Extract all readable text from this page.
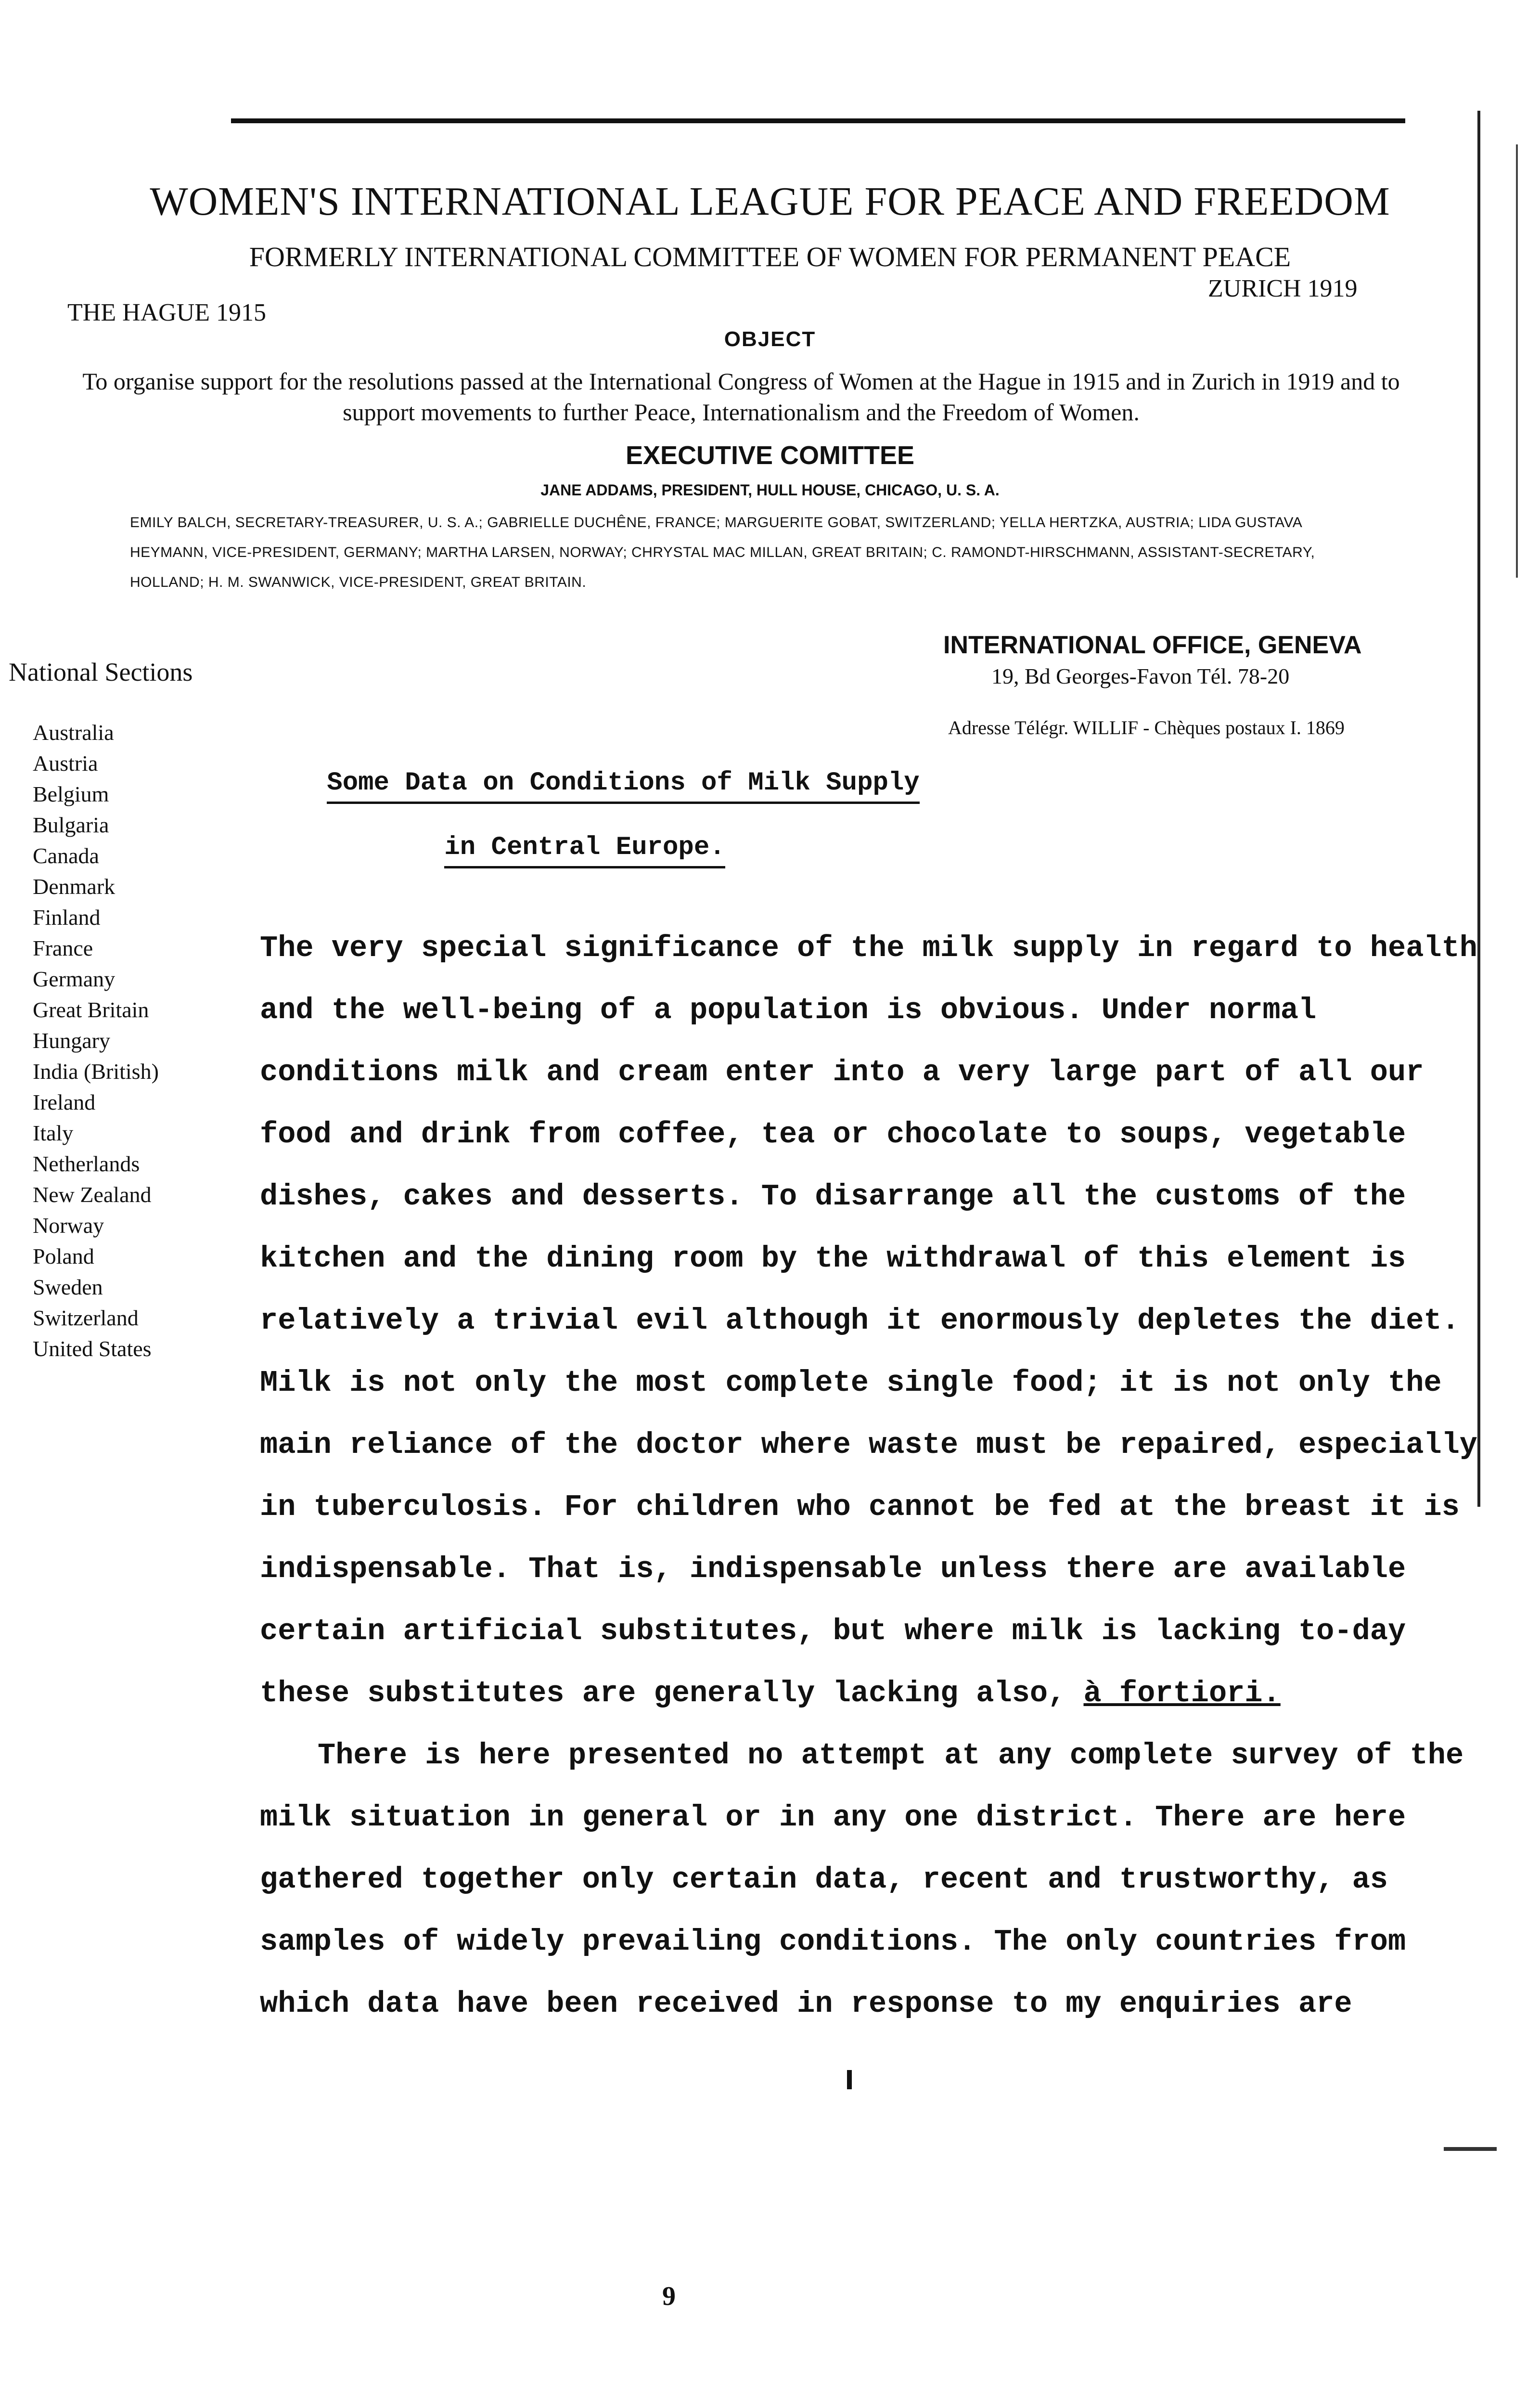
WOMEN'S INTERNATIONAL LEAGUE FOR PEACE AND FREEDOM
FORMERLY INTERNATIONAL COMMITTEE OF WOMEN FOR PERMANENT PEACE
THE HAGUE 1915
ZURICH 1919
OBJECT
To organise support for the resolutions passed at the International Congress of Women at the Hague in 1915 and in Zurich in 1919 and to support movements to further Peace, Internationalism and the Freedom of Women.
EXECUTIVE COMITTEE
JANE ADDAMS, PRESIDENT, HULL HOUSE, CHICAGO, U. S. A.
EMILY BALCH, SECRETARY-TREASURER, U. S. A.; GABRIELLE DUCHÊNE, FRANCE; MARGUERITE GOBAT, SWITZERLAND; YELLA HERTZKA, AUSTRIA; LIDA GUSTAVA HEYMANN, VICE-PRESIDENT, GERMANY; MARTHA LARSEN, NORWAY; CHRYSTAL MAC MILLAN, GREAT BRITAIN; C. RAMONDT-HIRSCHMANN, ASSISTANT-SECRETARY, HOLLAND; H. M. SWANWICK, VICE-PRESIDENT, GREAT BRITAIN.
INTERNATIONAL OFFICE, GENEVA
19, Bd Georges-Favon Tél. 78-20
Adresse Télégr. WILLIF - Chèques postaux I. 1869
National Sections
Australia
Austria
Belgium
Bulgaria
Canada
Denmark
Finland
France
Germany
Great Britain
Hungary
India (British)
Ireland
Italy
Netherlands
New Zealand
Norway
Poland
Sweden
Switzerland
United States
Some Data on Conditions of Milk Supply
in Central Europe.

The very special significance of the milk supply in regard to health and the well-being of a population is obvious. Under normal conditions milk and cream enter into a very large part of all our food and drink from coffee, tea or chocolate to soups, vegetable dishes, cakes and desserts. To disarrange all the customs of the kitchen and the dining room by the withdrawal of this element is relatively a trivial evil although it enormously depletes the diet. Milk is not only the most complete single food; it is not only the main reliance of the doctor where waste must be repaired, especially in tuberculosis. For children who cannot be fed at the breast it is indispensable. That is, indispensable unless there are available certain artificial substitutes, but where milk is lacking to-day these substitutes are generally lacking also, à fortiori.

There is here presented no attempt at any complete survey of the milk situation in general or in any one district. There are here gathered together only certain data, recent and trustworthy, as samples of widely prevailing conditions. The only countries from which data have been received in response to my enquiries are

9
